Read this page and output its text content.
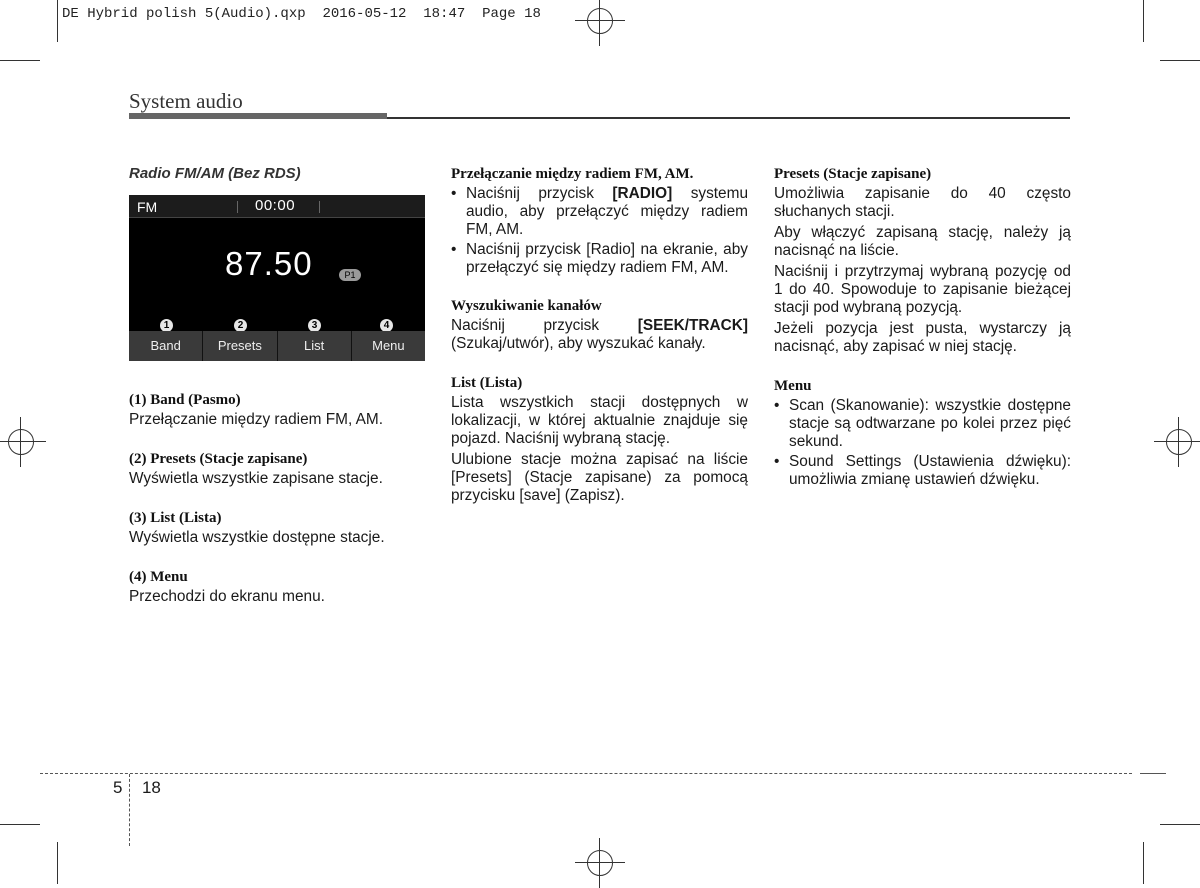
DE Hybrid polish 5(Audio).qxp  2016-05-12  18:47  Page 18
System audio

Radio FM/AM (Bez RDS)

FM	00:00
87.50	P1
1	2	3	4
Band	Presets	List	Menu

(1) Band (Pasmo)

Przełączanie między radiem FM, AM.

(2) Presets (Stacje zapisane)

Wyświetla wszystkie zapisane stacje.

(3) List (Lista)

Wyświetla wszystkie dostępne stacje.

(4) Menu

Przechodzi do ekranu menu.

Przełączanie między radiem FM, AM.

• Naciśnij przycisk [RADIO] systemu audio, aby przełączyć między radiem FM, AM.
• Naciśnij przycisk [Radio] na ekranie, aby przełączyć się między radiem FM, AM.

Wyszukiwanie kanałów

Naciśnij przycisk [SEEK/TRACK] (Szukaj/utwór), aby wyszukać kanały.

List (Lista)

Lista wszystkich stacji dostępnych w lokalizacji, w której aktualnie znajduje się pojazd. Naciśnij wybraną stację.

Ulubione stacje można zapisać na liście [Presets] (Stacje zapisane) za pomocą przycisku [save] (Zapisz).

Presets (Stacje zapisane)

Umożliwia zapisanie do 40 często słuchanych stacji.

Aby włączyć zapisaną stację, należy ją nacisnąć na liście.

Naciśnij i przytrzymaj wybraną pozycję od 1 do 40. Spowoduje to zapisanie bieżącej stacji pod wybraną pozycją.

Jeżeli pozycja jest pusta, wystarczy ją nacisnąć, aby zapisać w niej stację.

Menu

• Scan (Skanowanie): wszystkie dostępne stacje są odtwarzane po kolei przez pięć sekund.
• Sound Settings (Ustawienia dźwięku): umożliwia zmianę ustawień dźwięku.
5 18
